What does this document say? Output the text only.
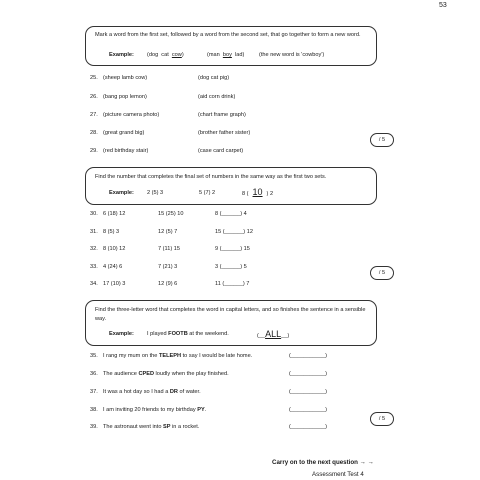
53
Mark a word from the first set, followed by a word from the second set, that go together to form a new word.
Example: (dog  cat  cow)	(man  boy  lad)	(the new word is 'cowboy')
25. (sheep lamb cow)	(dog cat pig)
26. (bang pop lemon)	(aid corn drink)
27. (picture camera photo)	(chart frame graph)
28. (great grand big)	(brother father sister)
29. (red birthday stair)	(case card carpet)
/ 5
Find the number that completes the final set of numbers in the same way as the first two sets.
Example: 2 (5) 3	5 (7) 2	8 ( 10 ) 2
30. 6 (18) 12	15 (25) 10	8 (______) 4
31. 8 (5) 3	12 (5) 7	15 (______) 12
32. 8 (10) 12	7 (11) 15	9 (______) 15
33. 4 (24) 6	7 (21) 3	3 (______) 5
34. 17 (10) 3	12 (9) 6	11 (______) 7
/ 5
Find the three-letter word that completes the word in capital letters, and so finishes the sentence in a sensible way.
Example: I played FOOTB at the weekend.	(__ALL__)
35. I rang my mum on the TELEPH to say I would be late home.	(___________)
36. The audience CPED loudly when the play finished.	(___________)
37. It was a hot day so I had a DR of water.	(___________)
38. I am inviting 20 friends to my birthday PY.	(___________)
39. The astronaut went into SP in a rocket.	(___________)
/ 5
Carry on to the next question → →
Assessment Test 4
